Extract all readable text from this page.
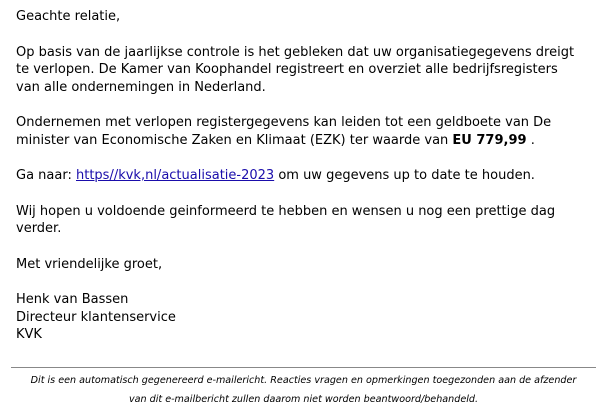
Geachte relatie,

Op basis van de jaarlijkse controle is het gebleken dat uw organisatiegegevens dreigt
te verlopen. De Kamer van Koophandel registreert en overziet alle bedrijfsregisters
van alle ondernemingen in Nederland.

Ondernemen met verlopen registergegevens kan leiden tot een geldboete van De
minister van Economische Zaken en Klimaat (EZK) ter waarde van EU 779,99 .

Ga naar: https//kvk,nl/actualisatie-2023 om uw gegevens up to date te houden.

Wij hopen u voldoende geinformeerd te hebben en wensen u nog een prettige dag
verder.

Met vriendelijke groet,

Henk van Bassen

Directeur klantenservice

KVK

Dit is een automatisch gegenereerd e-mailericht. Reacties vragen en opmerkingen toegezonden aan de afzender
van dit e-mailbericht zullen daarom niet worden beantwoord/behandeld.
